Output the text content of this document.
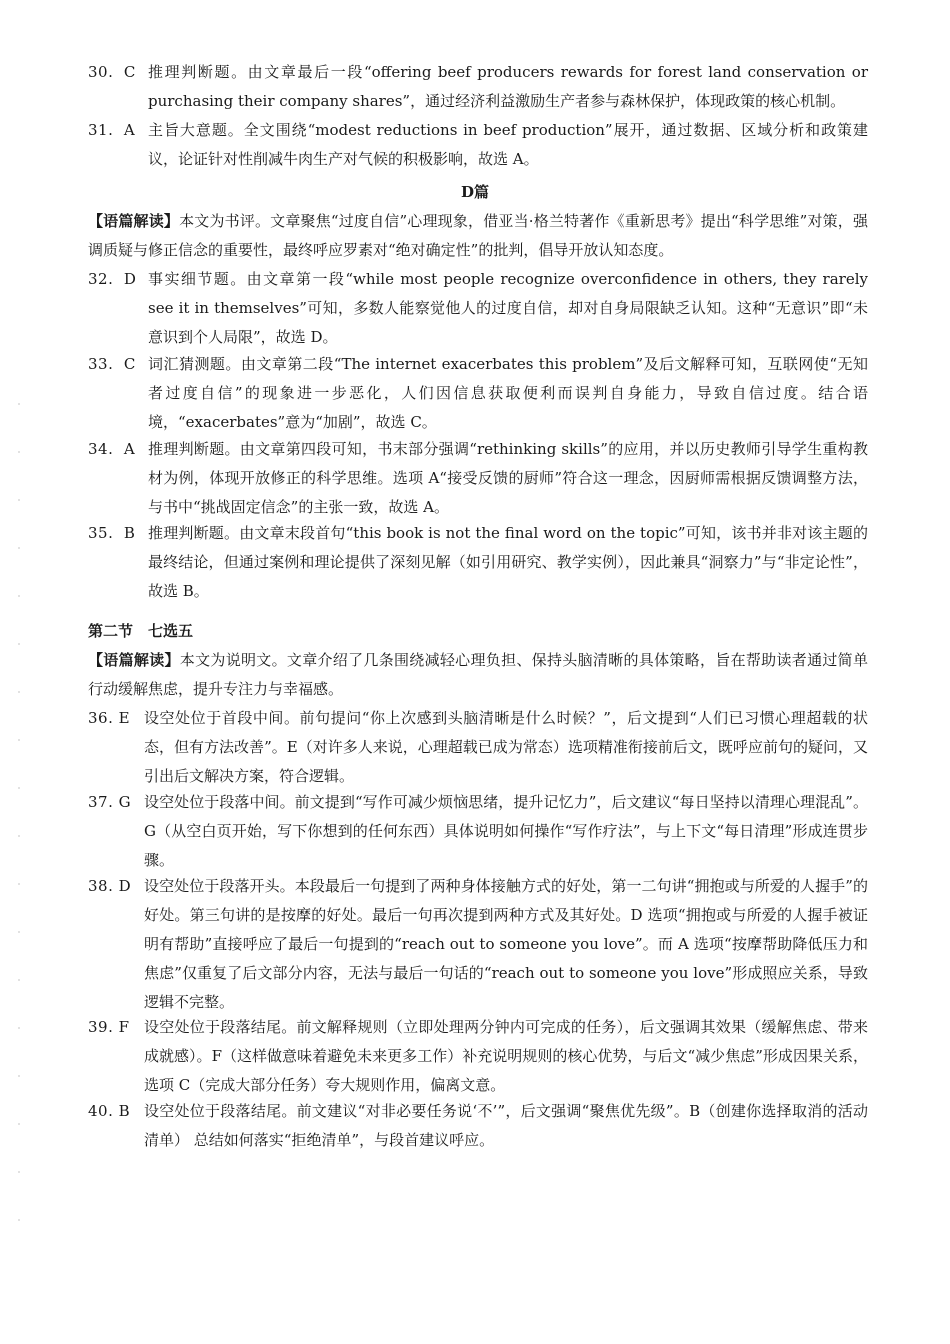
30. C 推理判断题。由文章最后一段“offering beef producers rewards for forest land conservation or purchasing their company shares”，通过经济利益激励生产者参与森林保护，体现政策的核心机制。
31. A 主旨大意题。全文围绕“modest reductions in beef production”展开，通过数据、区域分析和政策建议，论证针对性削减牛肉生产对气候的积极影响，故选 A。
D篇
【语篇解读】本文为书评。文章聚焦“过度自信”心理现象，借亚当·格兰特著作《重新思考》提出“科学思维”对策，强调质疑与修正信念的重要性，最终呼应罗素对“绝对确定性”的批判，倡导开放认知态度。
32. D 事实细节题。由文章第一段“while most people recognize overconfidence in others, they rarely see it in themselves”可知，多数人能察觉他人的过度自信，却对自身局限缺乏认知。这种“无意识”即“未意识到个人局限”，故选 D。
33. C 词汇猜测题。由文章第二段“The internet exacerbates this problem”及后文解释可知，互联网使“无知者过度自信”的现象进一步恶化，人们因信息获取便利而误判自身能力，导致自信过度。结合语境，“exacerbates”意为“加剧”，故选 C。
34. A 推理判断题。由文章第四段可知，书末部分强调“rethinking skills”的应用，并以历史教师引导学生重构教材为例，体现开放修正的科学思维。选项 A“接受反馈的厨师”符合这一理念，因厨师需根据反馈调整方法，与书中“挑战固定信念”的主张一致，故选 A。
35. B 推理判断题。由文章末段首句“this book is not the final word on the topic”可知，该书并非对该主题的最终结论，但通过案例和理论提供了深刻见解（如引用研究、教学实例），因此兼具“洞察力”与“非定论性”，故选 B。
第二节　七选五
【语篇解读】本文为说明文。文章介绍了几条围绕减轻心理负担、保持头脑清晰的具体策略，旨在帮助读者通过简单行动缓解焦虑，提升专注力与幸福感。
36. E 设空处位于首段中间。前句提问“你上次感到头脑清晰是什么时候？”，后文提到“人们已习惯心理超载的状态，但有方法改善”。E（对许多人来说，心理超载已成为常态）选项精准衔接前后文，既呼应前句的疑问，又引出后文解决方案，符合逻辑。
37. G 设空处位于段落中间。前文提到“写作可减少烦恼思绪，提升记忆力”，后文建议“每日坚持以清理心理混乱”。G（从空白页开始，写下你想到的任何东西）具体说明如何操作“写作疗法”，与上下文“每日清理”形成连贯步骤。
38. D 设空处位于段落开头。本段最后一句提到了两种身体接触方式的好处，第一二句讲“拥抱或与所爱的人握手”的好处。第三句讲的是按摩的好处。最后一句再次提到两种方式及其好处。D 选项“拥抱或与所爱的人握手被证明有帮助”直接呼应了最后一句提到的“reach out to someone you love”。而 A 选项“按摩帮助降低压力和焦虑”仅重复了后文部分内容，无法与最后一句话的“reach out to someone you love”形成照应关系，导致逻辑不完整。
39. F 设空处位于段落结尾。前文解释规则（立即处理两分钟内可完成的任务），后文强调其效果（缓解焦虑、带来成就感）。F（这样做意味着避免未来更多工作）补充说明规则的核心优势，与后文“减少焦虑”形成因果关系，选项 C（完成大部分任务）夸大规则作用，偏离文意。
40. B 设空处位于段落结尾。前文建议“对非必要任务说‘不’”，后文强调“聚焦优先级”。B（创建你选择取消的活动清单） 总结如何落实“拒绝清单”，与段首建议呼应。
